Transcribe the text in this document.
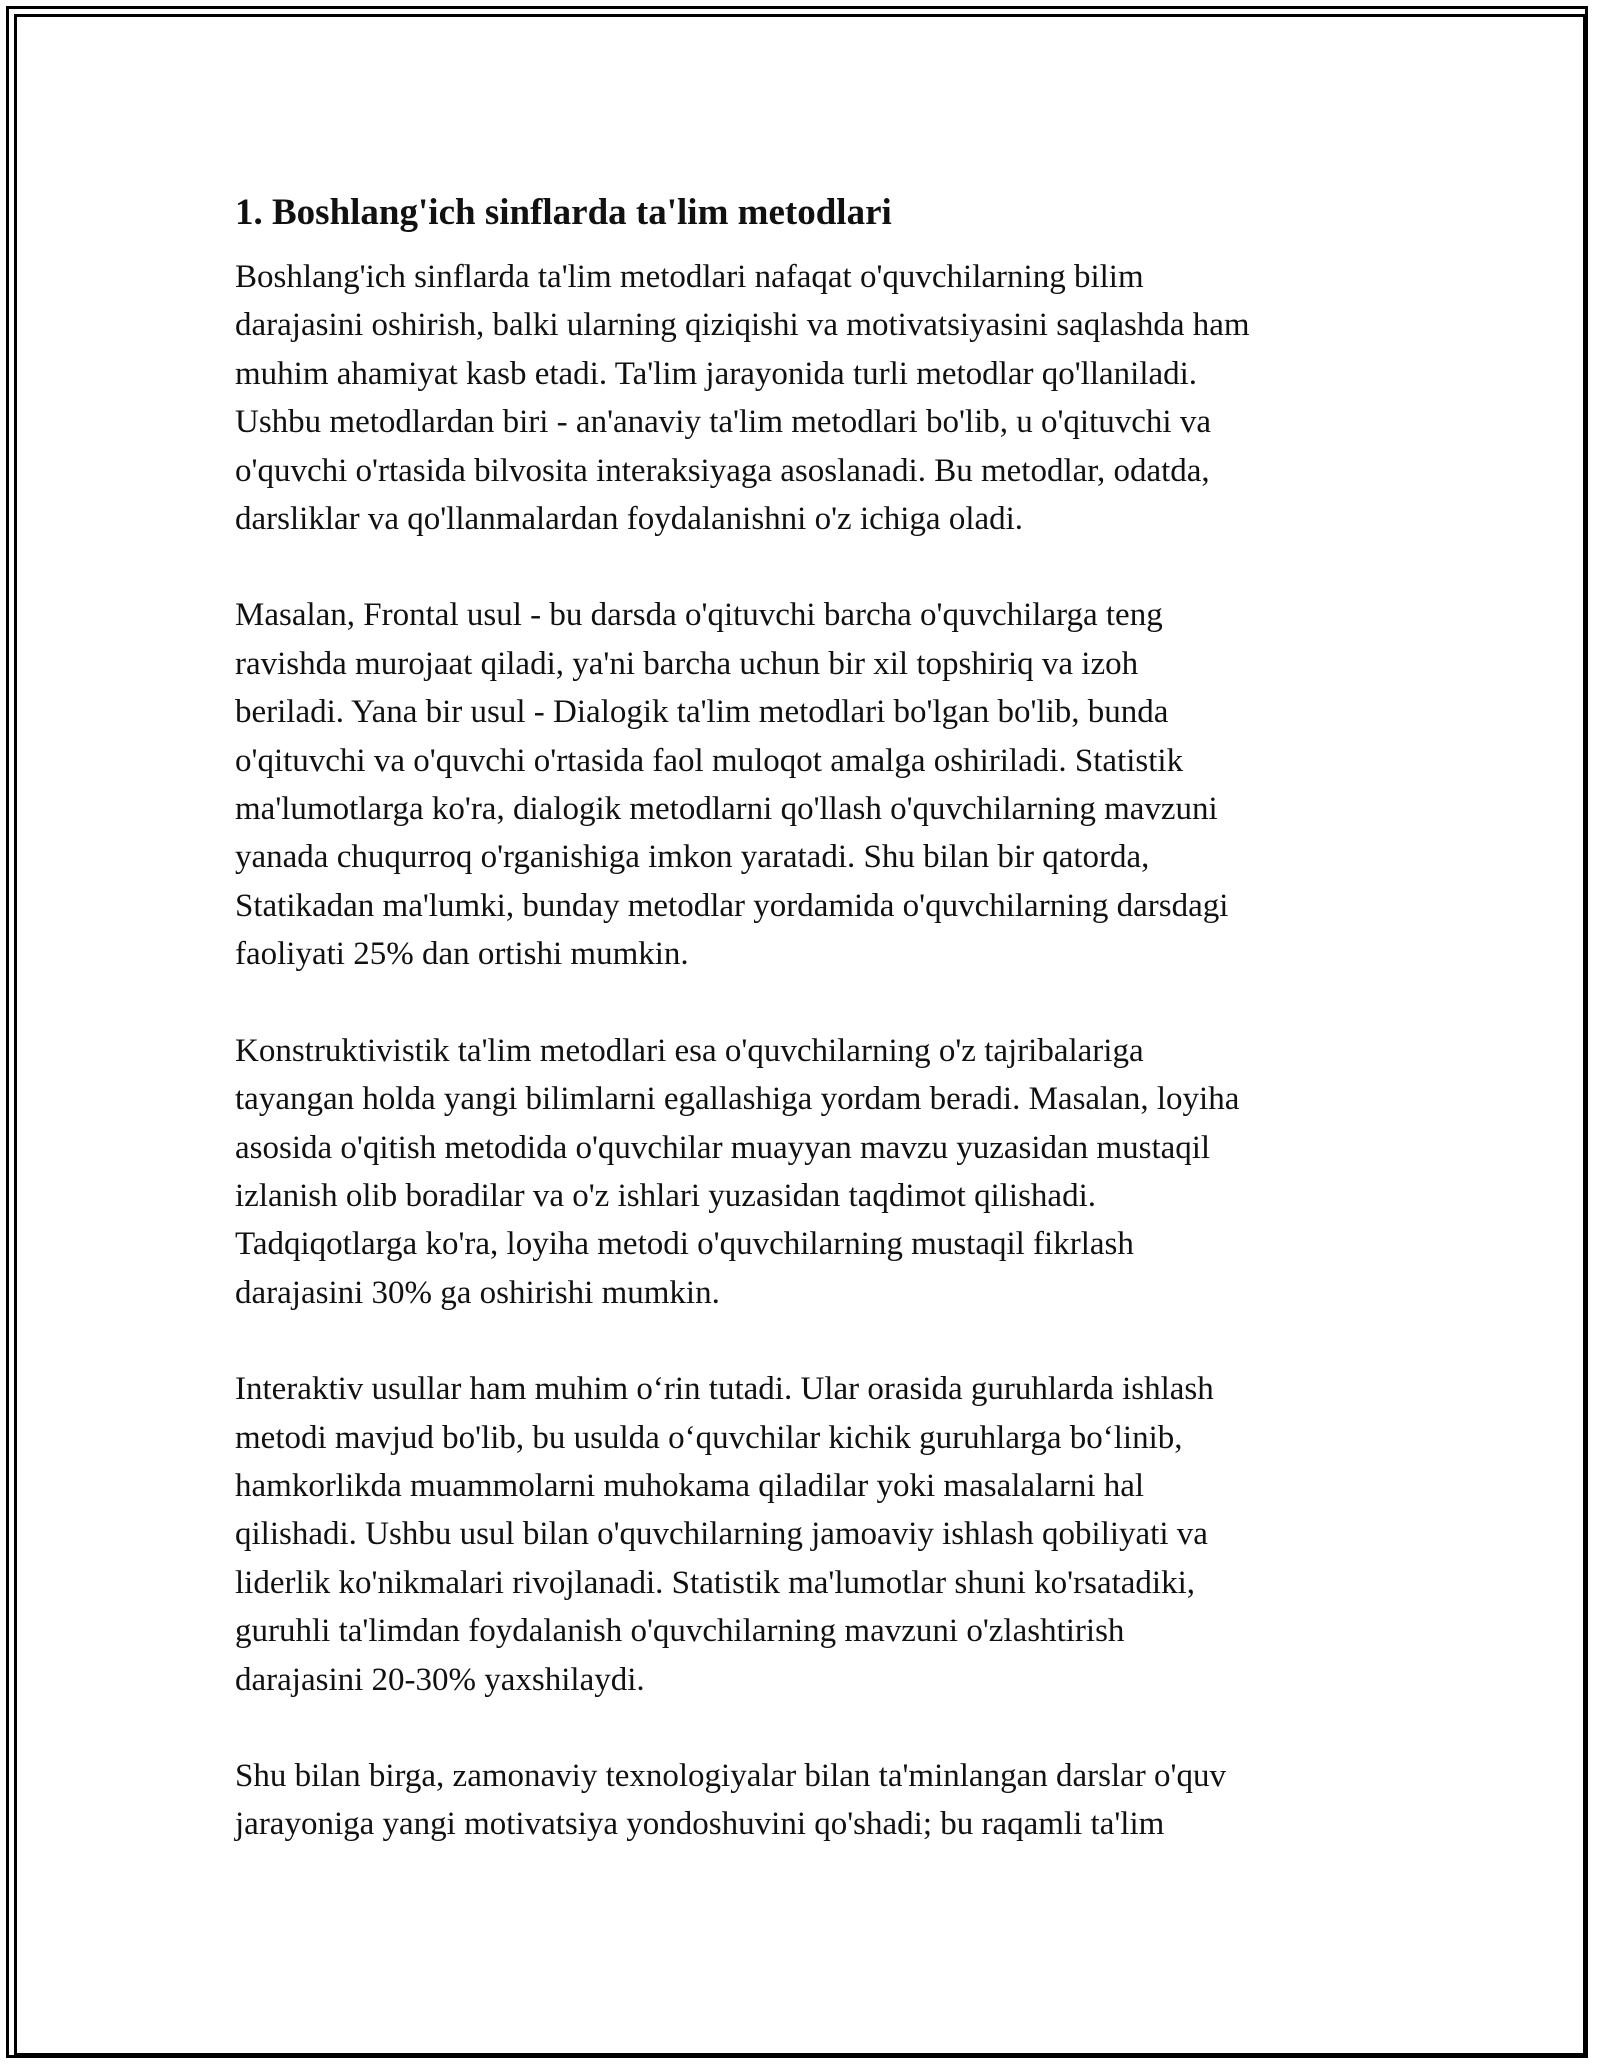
1. Boshlang'ich sinflarda ta'lim metodlari

Boshlang'ich sinflarda ta'lim metodlari nafaqat o'quvchilarning bilim
darajasini oshirish, balki ularning qiziqishi va motivatsiyasini saqlashda ham
muhim ahamiyat kasb etadi. Ta'lim jarayonida turli metodlar qo'llaniladi.
Ushbu metodlardan biri - an'anaviy ta'lim metodlari bo'lib, u o'qituvchi va
o'quvchi o'rtasida bilvosita interaksiyaga asoslanadi. Bu metodlar, odatda,
darsliklar va qo'llanmalardan foydalanishni o'z ichiga oladi.

Masalan, Frontal usul - bu darsda o'qituvchi barcha o'quvchilarga teng
ravishda murojaat qiladi, ya'ni barcha uchun bir xil topshiriq va izoh
beriladi. Yana bir usul - Dialogik ta'lim metodlari bo'lgan bo'lib, bunda
o'qituvchi va o'quvchi o'rtasida faol muloqot amalga oshiriladi. Statistik
ma'lumotlarga ko'ra, dialogik metodlarni qo'llash o'quvchilarning mavzuni
yanada chuqurroq o'rganishiga imkon yaratadi. Shu bilan bir qatorda,
Statikadan ma'lumki, bunday metodlar yordamida o'quvchilarning darsdagi
faoliyati 25% dan ortishi mumkin.

Konstruktivistik ta'lim metodlari esa o'quvchilarning o'z tajribalariga
tayangan holda yangi bilimlarni egallashiga yordam beradi. Masalan, loyiha
asosida o'qitish metodida o'quvchilar muayyan mavzu yuzasidan mustaqil
izlanish olib boradilar va o'z ishlari yuzasidan taqdimot qilishadi.
Tadqiqotlarga ko'ra, loyiha metodi o'quvchilarning mustaqil fikrlash
darajasini 30% ga oshirishi mumkin.

Interaktiv usullar ham muhim o‘rin tutadi. Ular orasida guruhlarda ishlash
metodi mavjud bo'lib, bu usulda o‘quvchilar kichik guruhlarga bo‘linib,
hamkorlikda muammolarni muhokama qiladilar yoki masalalarni hal
qilishadi. Ushbu usul bilan o'quvchilarning jamoaviy ishlash qobiliyati va
liderlik ko'nikmalari rivojlanadi. Statistik ma'lumotlar shuni ko'rsatadiki,
guruhli ta'limdan foydalanish o'quvchilarning mavzuni o'zlashtirish
darajasini 20-30% yaxshilaydi.

Shu bilan birga, zamonaviy texnologiyalar bilan ta'minlangan darslar o'quv
jarayoniga yangi motivatsiya yondoshuvini qo'shadi; bu raqamli ta'lim
